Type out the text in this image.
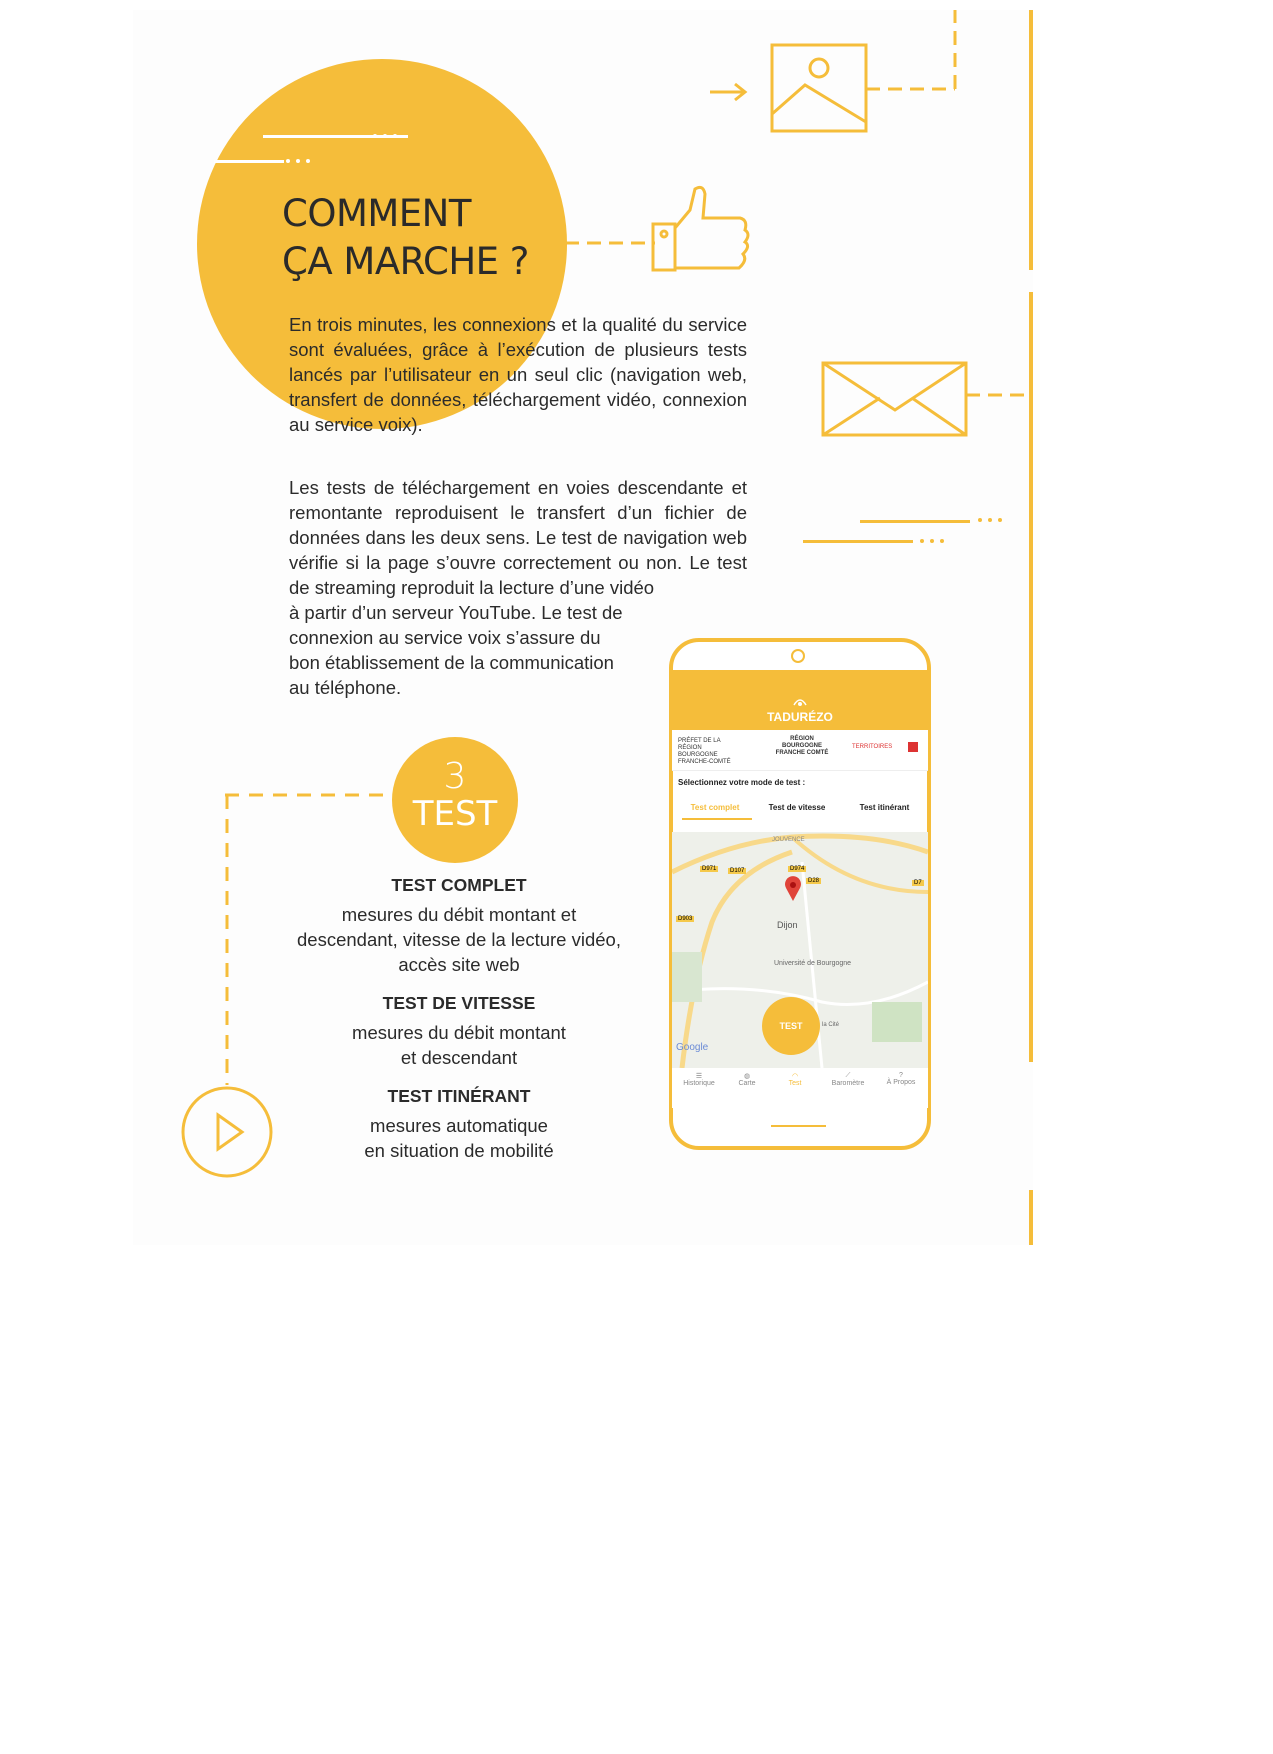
COMMENT
ÇA MARCHE ?
En trois minutes, les connexions et la qualité du service sont évaluées, grâce à l’exécution de plusieurs tests lancés par l’utilisateur en un seul clic (navigation web, transfert de données, téléchargement vidéo, connexion au service voix).
Les tests de téléchargement en voies descendante et remontante reproduisent le transfert d’un fichier de données dans les deux sens. Le test de navigation web vérifie si la page s’ouvre correctement ou non. Le test de streaming reproduit la lecture d’une vidéo
à partir d’un serveur YouTube. Le test de connexion au service voix s’assure du bon établissement de la communication au téléphone.
3
TEST
TEST COMPLET
mesures du débit montant et descendant, vitesse de la lecture vidéo, accès site web
TEST DE VITESSE
mesures du débit montant et descendant
TEST ITINÉRANT
mesures automatique en situation de mobilité
TADURÉZO
PRÉFET DE LA RÉGION BOURGOGNE FRANCHE-COMTÉ
RÉGION BOURGOGNE FRANCHE COMTÉ
TERRITOIRES
Sélectionnez votre mode de test :
Test complet	Test de vitesse	Test itinérant
JOUVENCE
D971	D107	D974
D28
D903
D7
Dijon
Université de Bourgogne
la Cité
Google
TEST
☰
Historique
◍
Carte
◠
Test
⟋
Baromètre
?
À Propos
